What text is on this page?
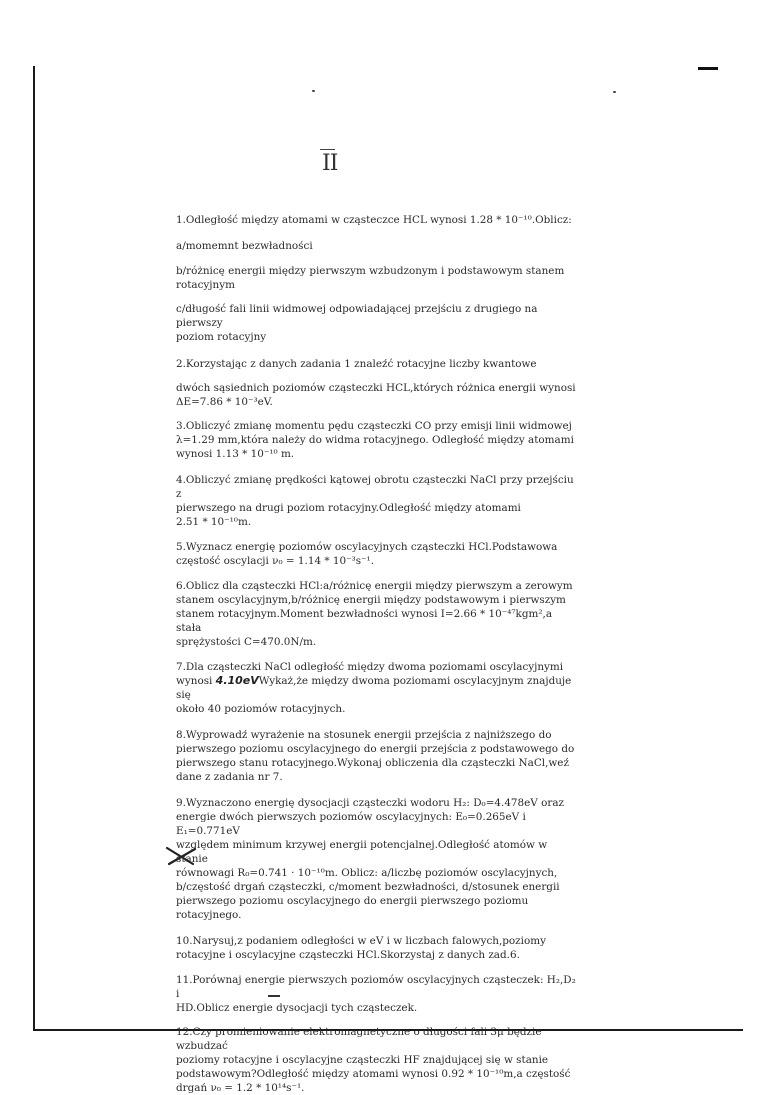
II

1.Odległość między atomami w cząsteczce HCL wynosi 1.28 * 10⁻¹⁰.Oblicz:

a/momemnt bezwładności

b/różnicę energii między pierwszym wzbudzonym i podstawowym stanem
rotacyjnym

c/długość fali linii widmowej odpowiadającej przejściu z drugiego na pierwszy
poziom rotacyjny

2.Korzystając z danych zadania 1 znaleźć rotacyjne liczby kwantowe

dwóch sąsiednich poziomów cząsteczki HCL,których różnica energii wynosi
ΔE=7.86 * 10⁻³eV.

3.Obliczyć zmianę momentu pędu cząsteczki CO przy emisji linii widmowej
λ=1.29 mm,która należy do widma rotacyjnego. Odległość między atomami
wynosi 1.13 * 10⁻¹⁰ m.

4.Obliczyć zmianę prędkości kątowej obrotu cząsteczki NaCl przy przejściu z
pierwszego na drugi poziom rotacyjny.Odległość między atomami
2.51 * 10⁻¹⁰m.

5.Wyznacz energię poziomów oscylacyjnych cząsteczki HCl.Podstawowa
częstość oscylacji ν₀ = 1.14 * 10⁻³s⁻¹.

6.Oblicz dla cząsteczki HCl:a/różnicę energii między pierwszym a zerowym
stanem oscylacyjnym,b/różnicę energii między podstawowym i pierwszym
stanem rotacyjnym.Moment bezwładności wynosi I=2.66 * 10⁻⁴⁷kgm²,a stała
sprężystości C=470.0N/m.

7.Dla cząsteczki NaCl odległość między dwoma poziomami oscylacyjnymi
wynosi 4.10eVWykaż,że między dwoma poziomami oscylacyjnym znajduje się
około 40 poziomów rotacyjnych.

8.Wyprowadź wyrażenie na stosunek energii przejścia z najniższego do
pierwszego poziomu oscylacyjnego do energii przejścia z podstawowego do
pierwszego stanu rotacyjnego.Wykonaj obliczenia dla cząsteczki NaCl,weź
dane z zadania nr 7.

9.Wyznaczono energię dysocjacji cząsteczki wodoru H₂: D₀=4.478eV oraz
energie dwóch pierwszych poziomów oscylacyjnych: E₀=0.265eV i E₁=0.771eV
względem minimum krzywej energii potencjalnej.Odległość atomów w stanie
równowagi R₀=0.741 · 10⁻¹⁰m. Oblicz: a/liczbę poziomów oscylacyjnych,
b/częstość drgań cząsteczki, c/moment bezwładności, d/stosunek energii
pierwszego poziomu oscylacyjnego do energii pierwszego poziomu rotacyjnego.

10.Narysuj,z podaniem odległości w eV i w liczbach falowych,poziomy
rotacyjne i oscylacyjne cząsteczki HCl.Skorzystaj z danych zad.6.

11.Porównaj energie pierwszych poziomów oscylacyjnych cząsteczek: H₂,D₂ i
HD.Oblicz energie dysocjacji tych cząsteczek.

12.Czy promieniowanie elektromagnetyczne o długości fali 3μ będzie wzbudzać
poziomy rotacyjne i oscylacyjne cząsteczki HF znajdującej się w stanie
podstawowym?Odległość między atomami wynosi 0.92 * 10⁻¹⁰m,a częstość
drgań ν₀ = 1.2 * 10¹⁴s⁻¹.
